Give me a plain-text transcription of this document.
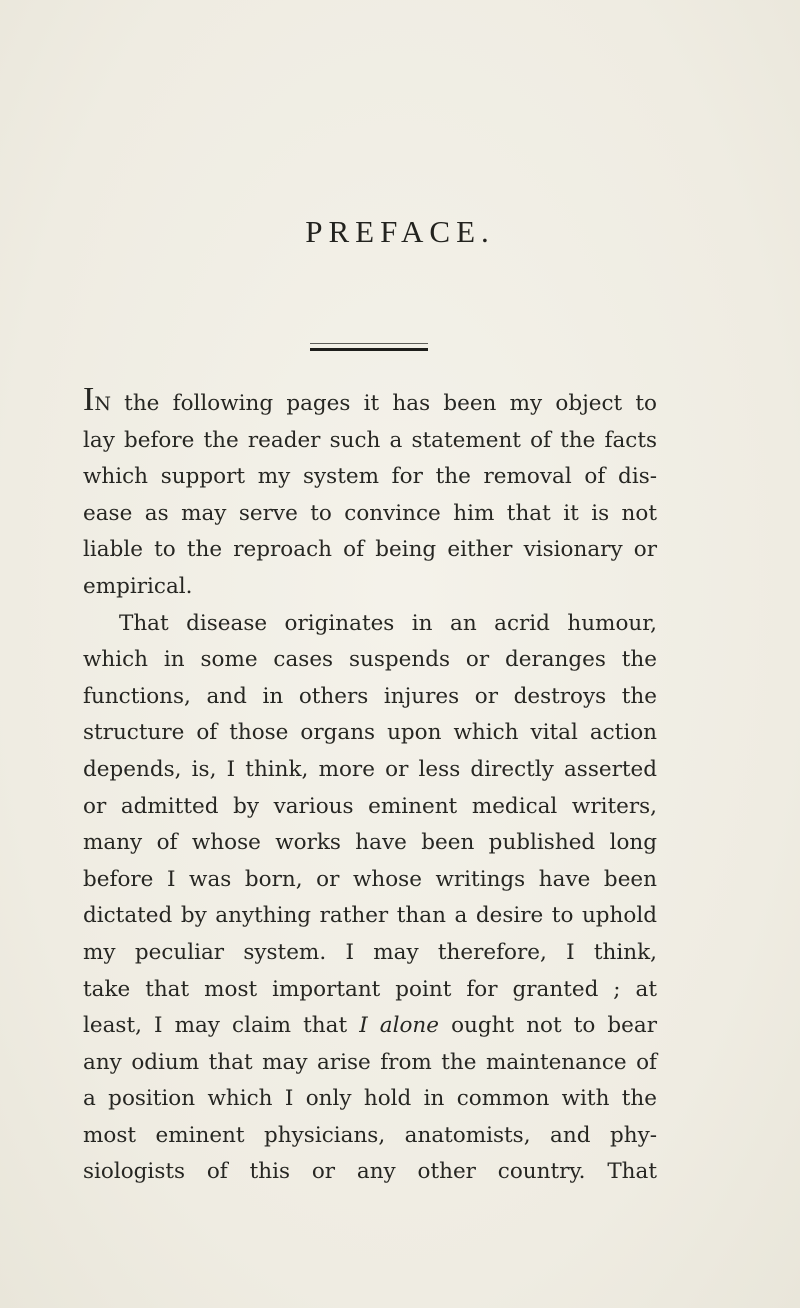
PREFACE.
IN the following pages it has been my object to
lay before the reader such a statement of the facts
which support my system for the removal of dis-
ease as may serve to convince him that it is not
liable to the reproach of being either visionary or
empirical.
That disease originates in an acrid humour,
which in some cases suspends or deranges the
functions, and in others injures or destroys the
structure of those organs upon which vital action
depends, is, I think, more or less directly asserted
or admitted by various eminent medical writers,
many of whose works have been published long
before I was born, or whose writings have been
dictated by anything rather than a desire to uphold
my peculiar system. I may therefore, I think,
take that most important point for granted ; at
least, I may claim that I alone ought not to bear
any odium that may arise from the maintenance of
a position which I only hold in common with the
most eminent physicians, anatomists, and phy-
siologists of this or any other country. That
